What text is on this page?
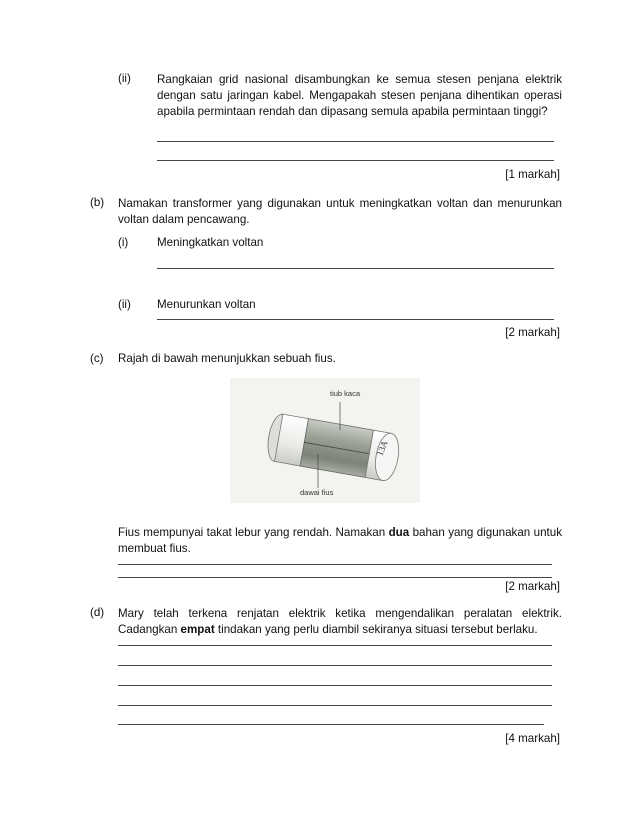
(ii) Rangkaian grid nasional disambungkan ke semua stesen penjana elektrik dengan satu jaringan kabel. Mengapakah stesen penjana dihentikan operasi apabila permintaan rendah dan dipasang semula apabila permintaan tinggi?
[1 markah]
(b) Namakan transformer yang digunakan untuk meningkatkan voltan dan menurunkan voltan dalam pencawang.
(i) Meningkatkan voltan
(ii) Menurunkan voltan
[2 markah]
(c) Rajah di bawah menunjukkan sebuah fius.
13A
tiub kaca
dawai fius
Fius mempunyai takat lebur yang rendah. Namakan dua bahan yang digunakan untuk membuat fius.
[2 markah]
(d) Mary telah terkena renjatan elektrik ketika mengendalikan peralatan elektrik. Cadangkan empat tindakan yang perlu diambil sekiranya situasi tersebut berlaku.
[4 markah]
